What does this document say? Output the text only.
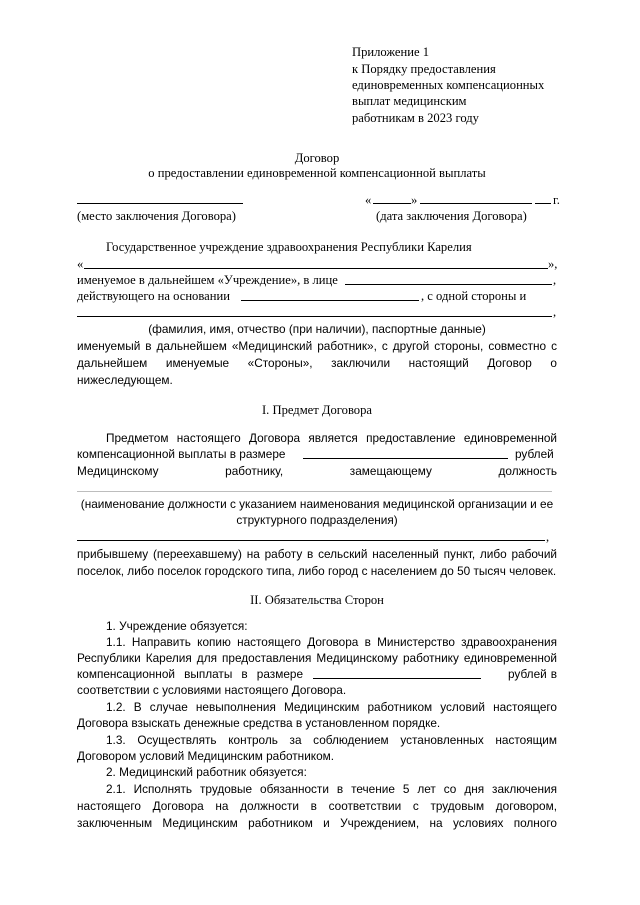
Приложение 1
к Порядку предоставления
единовременных компенсационных
выплат медицинским
работникам в 2023 году
Договор
о предоставлении единовременной компенсационной выплаты
«	»	г.
(место заключения Договора)	(дата заключения Договора)
Государственное учреждение здравоохранения Республики Карелия
«	»,
именуемое в дальнейшем «Учреждение», в лице	,
действующего на основании	, с одной стороны и
,
(фамилия, имя, отчество (при наличии), паспортные данные)
именуемый в дальнейшем «Медицинский работник», с другой стороны, совместно с
дальнейшем именуемые «Стороны», заключили настоящий Договор о
нижеследующем.
I. Предмет Договора
Предметом настоящего Договора является предоставление единовременной
компенсационной выплаты в размере	рублей
Медицинскому работнику, замещающему должность
(наименование должности с указанием наименования медицинской организации и ее
структурного подразделения)
,
прибывшему (переехавшему) на работу в сельский населенный пункт, либо рабочий
поселок, либо поселок городского типа, либо город с населением до 50 тысяч человек.
II. Обязательства Сторон
1. Учреждение обязуется:
1.1. Направить копию настоящего Договора в Министерство здравоохранения
Республики Карелия для предоставления Медицинскому работнику единовременной
компенсационной выплаты в размере	рублей в
соответствии с условиями настоящего Договора.
1.2. В случае невыполнения Медицинским работником условий настоящего
Договора взыскать денежные средства в установленном порядке.
1.3. Осуществлять контроль за соблюдением установленных настоящим
Договором условий Медицинским работником.
2. Медицинский работник обязуется:
2.1. Исполнять трудовые обязанности в течение 5 лет со дня заключения
настоящего Договора на должности в соответствии с трудовым договором,
заключенным Медицинским работником и Учреждением, на условиях полного
